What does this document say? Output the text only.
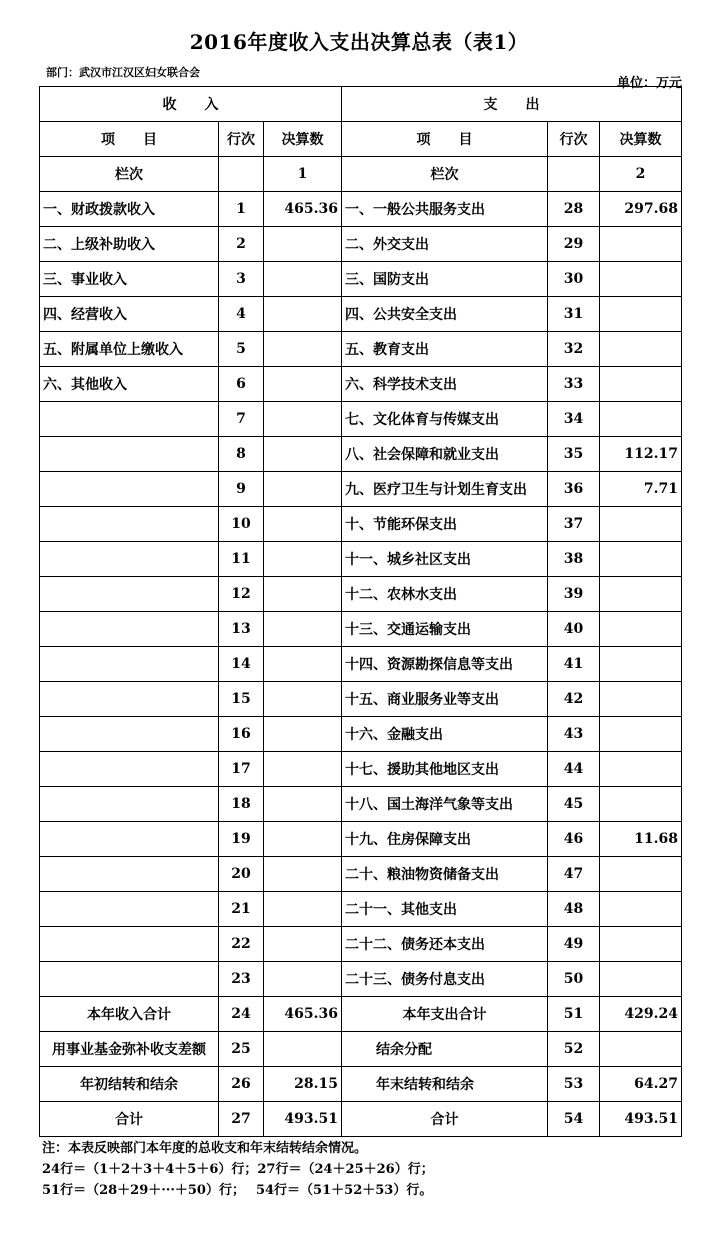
2016年度收入支出决算总表（表1）
部门：武汉市江汉区妇女联合会
单位：万元
收　　入			支　　出		
项　　目	行次	决算数	项　　目	行次	决算数
栏次		1	栏次		2
一、财政拨款收入	1	465.36	一、一般公共服务支出	28	297.68
二、上级补助收入	2		二、外交支出	29	
三、事业收入	3		三、国防支出	30	
四、经营收入	4		四、公共安全支出	31	
五、附属单位上缴收入	5		五、教育支出	32	
六、其他收入	6		六、科学技术支出	33	
	7		七、文化体育与传媒支出	34	
	8		八、社会保障和就业支出	35	112.17
	9		九、医疗卫生与计划生育支出	36	7.71
	10		十、节能环保支出	37	
	11		十一、城乡社区支出	38	
	12		十二、农林水支出	39	
	13		十三、交通运输支出	40	
	14		十四、资源勘探信息等支出	41	
	15		十五、商业服务业等支出	42	
	16		十六、金融支出	43	
	17		十七、援助其他地区支出	44	
	18		十八、国土海洋气象等支出	45	
	19		十九、住房保障支出	46	11.68
	20		二十、粮油物资储备支出	47	
	21		二十一、其他支出	48	
	22		二十二、债务还本支出	49	
	23		二十三、债务付息支出	50	
本年收入合计	24	465.36	本年支出合计	51	429.24
用事业基金弥补收支差额	25		结余分配	52	
年初结转和结余	26	28.15	年末结转和结余	53	64.27
合计	27	493.51	合计	54	493.51
注：本表反映部门本年度的总收支和年末结转结余情况。
24行＝（1＋2＋3＋4＋5＋6）行；27行＝（24＋25＋26）行；
51行＝（28＋29＋···＋50）行；　 54行＝（51＋52＋53）行。
